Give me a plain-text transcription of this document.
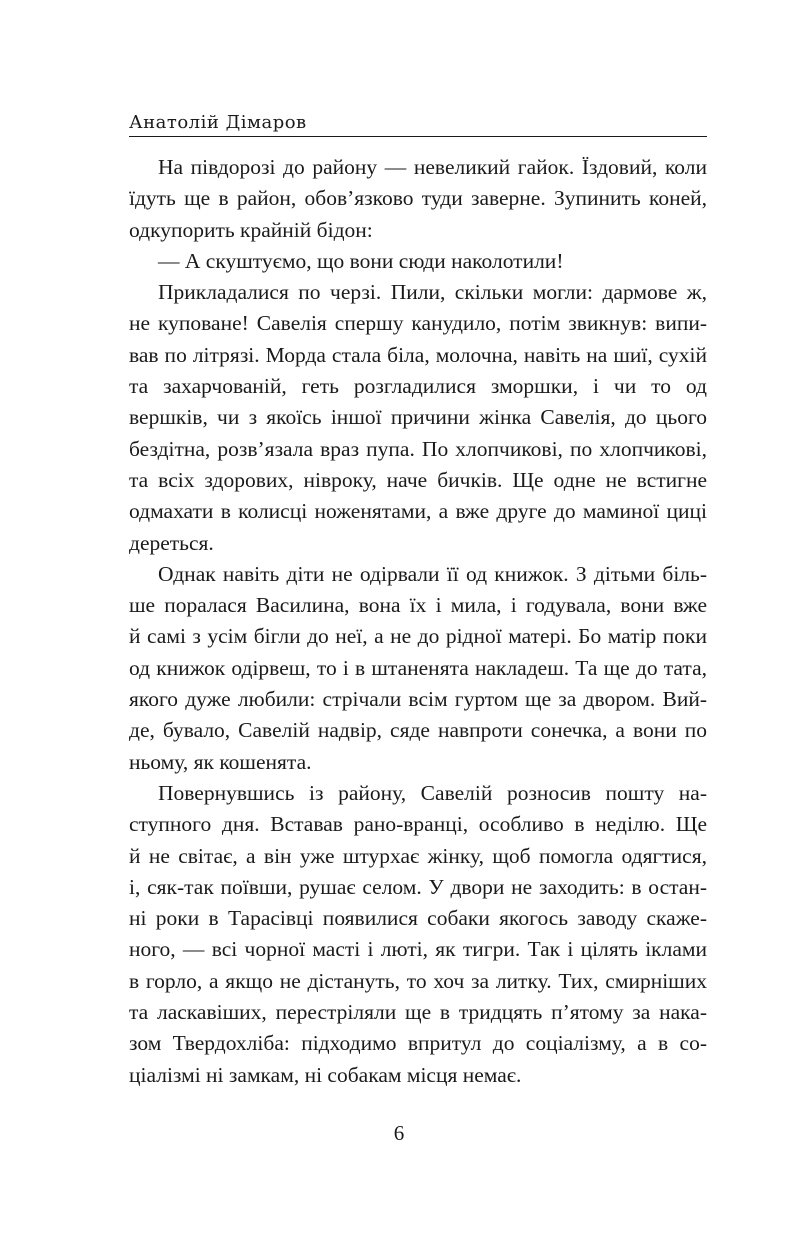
Анатолій Дімаров
На півдорозі до району — невеликий гайок. Їздовий, коли
їдуть ще в район, обов’язково туди заверне. Зупинить коней,
одкупорить крайній бідон:
— А скуштуємо, що вони сюди наколотили!
Прикладалися по черзі. Пили, скільки могли: дармове ж,
не куповане! Савелія спершу канудило, потім звикнув: випи-
вав по літрязі. Морда стала біла, молочна, навіть на шиї, сухій
та захарчованій, геть розгладилися зморшки, і чи то од
вершків, чи з якоїсь іншої причини жінка Савелія, до цього
бездітна, розв’язала враз пупа. По хлопчикові, по хлопчикові,
та всіх здорових, нівроку, наче бичків. Ще одне не встигне
одмахати в колисці ноженятами, а вже друге до маминої циці
дереться.
Однак навіть діти не одірвали її од книжок. З дітьми біль-
ше поралася Василина, вона їх і мила, і годувала, вони вже
й самі з усім бігли до неї, а не до рідної матері. Бо матір поки
од книжок одірвеш, то і в штаненята накладеш. Та ще до тата,
якого дуже любили: стрічали всім гуртом ще за двором. Вий-
де, бувало, Савелій надвір, сяде навпроти сонечка, а вони по
ньому, як кошенята.
Повернувшись із району, Савелій розносив пошту на-
ступного дня. Вставав рано-вранці, особливо в неділю. Ще
й не світає, а він уже штурхає жінку, щоб помогла одягтися,
і, сяк-так поївши, рушає селом. У двори не заходить: в остан-
ні роки в Тарасівці появилися собаки якогось заводу скаже-
ного, — всі чорної масті і люті, як тигри. Так і цілять іклами
в горло, а якщо не дістануть, то хоч за литку. Тих, смирніших
та ласкавіших, перестріляли ще в тридцять п’ятому за нака-
зом Твердохліба: підходимо впритул до соціалізму, а в со-
ціалізмі ні замкам, ні собакам місця немає.
6
